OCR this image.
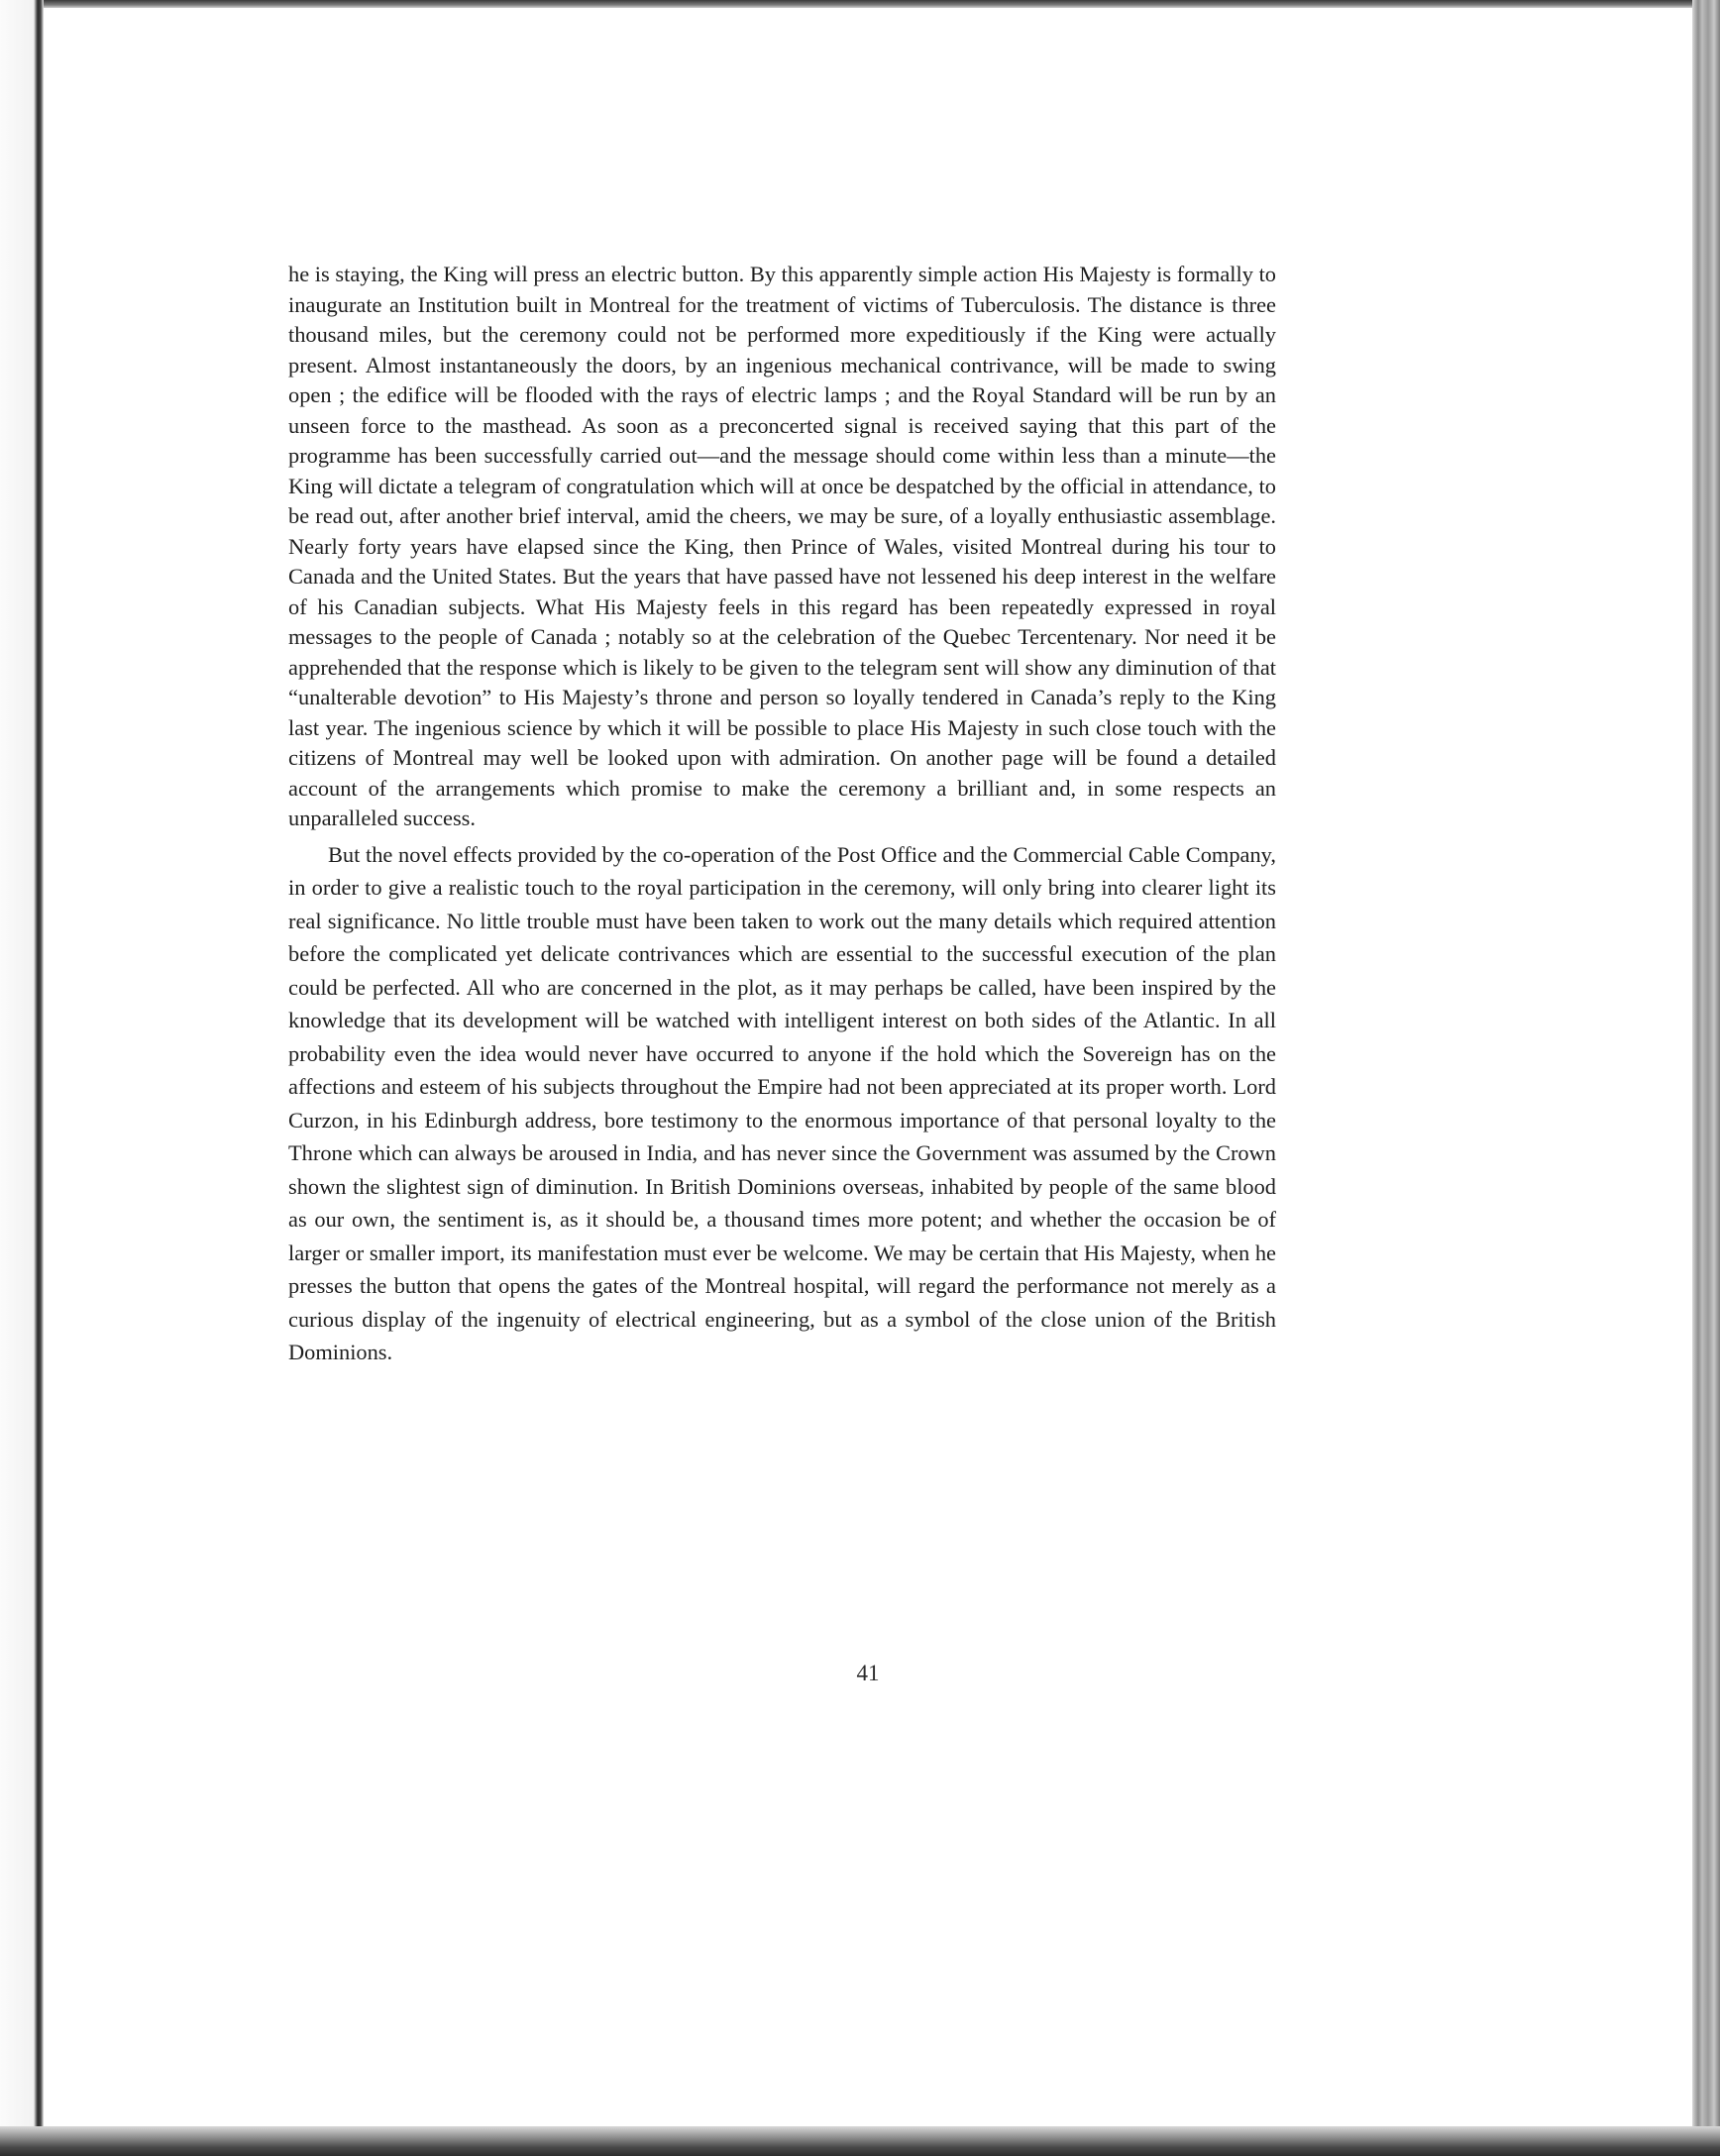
he is staying, the King will press an electric button. By this apparently simple action His Majesty is formally to inaugurate an Institution built in Montreal for the treatment of victims of Tuberculosis. The distance is three thousand miles, but the ceremony could not be performed more expeditiously if the King were actually present. Almost instantaneously the doors, by an ingenious mechanical contrivance, will be made to swing open ; the edifice will be flooded with the rays of electric lamps ; and the Royal Standard will be run by an unseen force to the masthead. As soon as a preconcerted signal is received saying that this part of the programme has been successfully carried out—and the message should come within less than a minute—the King will dictate a telegram of congratulation which will at once be despatched by the official in attendance, to be read out, after another brief interval, amid the cheers, we may be sure, of a loyally enthusiastic assemblage. Nearly forty years have elapsed since the King, then Prince of Wales, visited Montreal during his tour to Canada and the United States. But the years that have passed have not lessened his deep interest in the welfare of his Canadian subjects. What His Majesty feels in this regard has been repeatedly expressed in royal messages to the people of Canada ; notably so at the celebration of the Quebec Tercentenary. Nor need it be apprehended that the response which is likely to be given to the telegram sent will show any diminution of that “unalterable devotion” to His Majesty’s throne and person so loyally tendered in Canada’s reply to the King last year. The ingenious science by which it will be possible to place His Majesty in such close touch with the citizens of Montreal may well be looked upon with admiration. On another page will be found a detailed account of the arrangements which promise to make the ceremony a brilliant and, in some respects an unparalleled success.

But the novel effects provided by the co-operation of the Post Office and the Commercial Cable Company, in order to give a realistic touch to the royal participation in the ceremony, will only bring into clearer light its real significance. No little trouble must have been taken to work out the many details which required attention before the complicated yet delicate contrivances which are essential to the successful execution of the plan could be perfected. All who are concerned in the plot, as it may perhaps be called, have been inspired by the knowledge that its development will be watched with intelligent interest on both sides of the Atlantic. In all probability even the idea would never have occurred to anyone if the hold which the Sovereign has on the affections and esteem of his subjects throughout the Empire had not been appreciated at its proper worth. Lord Curzon, in his Edinburgh address, bore testimony to the enormous importance of that personal loyalty to the Throne which can always be aroused in India, and has never since the Government was assumed by the Crown shown the slightest sign of diminution. In British Dominions overseas, inhabited by people of the same blood as our own, the sentiment is, as it should be, a thousand times more potent; and whether the occasion be of larger or smaller import, its manifestation must ever be welcome. We may be certain that His Majesty, when he presses the button that opens the gates of the Montreal hospital, will regard the performance not merely as a curious display of the ingenuity of electrical engineering, but as a symbol of the close union of the British Dominions.

41
